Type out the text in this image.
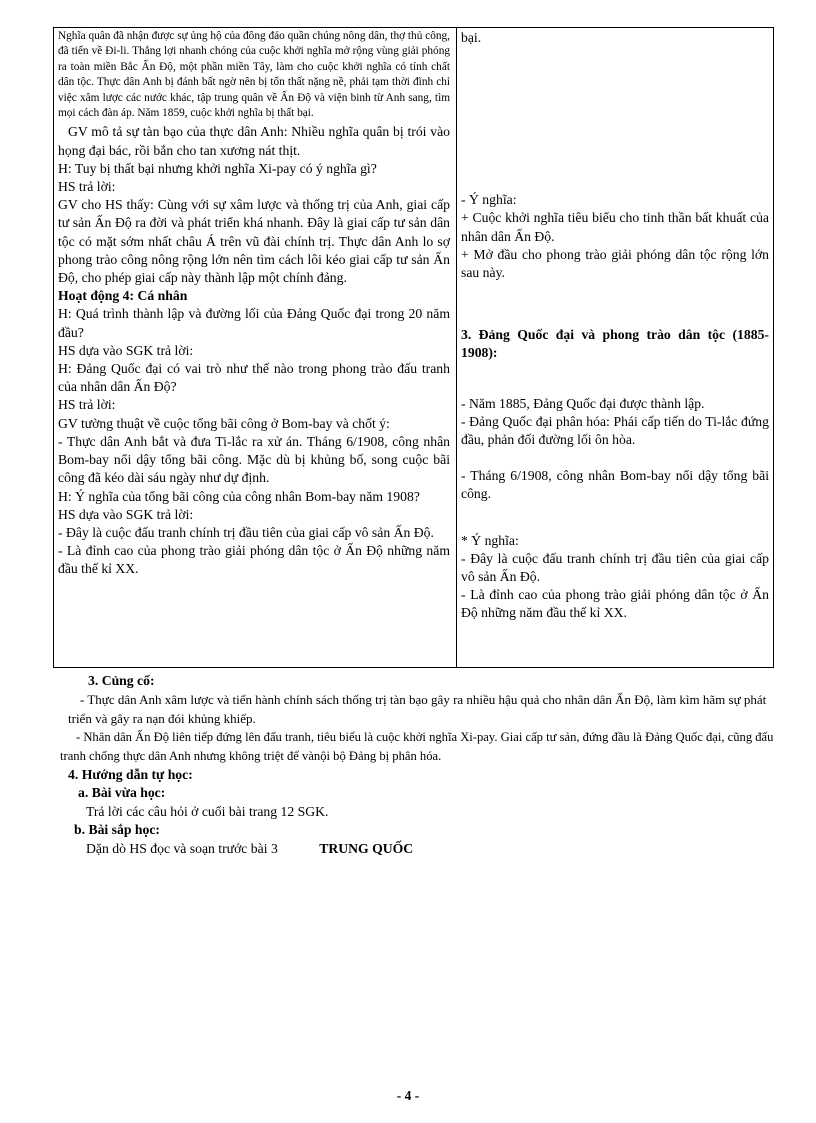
Nghĩa quân đã nhận được sự ủng hộ của đông đảo quần chúng nông dân, thợ thủ công, đã tiến về Đi-li. Thắng lợi nhanh chóng của cuộc khởi nghĩa mở rộng vùng giải phóng ra toàn miền Bắc Ấn Độ, một phần miền Tây, làm cho cuộc khởi nghĩa có tính chất dân tộc. Thực dân Anh bị đánh bất ngờ nên bị tổn thất nặng nề, phải tạm thời đình chỉ việc xâm lược các nước khác, tập trung quân về Ấn Độ và viện binh từ Anh sang, tìm mọi cách đàn áp. Năm 1859, cuộc khởi nghĩa bị thất bại.
GV mô tả sự tàn bạo của thực dân Anh: Nhiều nghĩa quân bị trói vào họng đại bác, rồi bắn cho tan xương nát thịt.
H: Tuy bị thất bại nhưng khởi nghĩa Xi-pay có ý nghĩa gì?
HS trả lời:
GV cho HS thấy: Cùng với sự xâm lược và thống trị của Anh, giai cấp tư sản Ấn Độ ra đời và phát triển khá nhanh. Đây là giai cấp tư sản dân tộc có mặt sớm nhất châu Á trên vũ đài chính trị. Thực dân Anh lo sợ phong trào công nông rộng lớn nên tìm cách lôi kéo giai cấp tư sản Ấn Độ, cho phép giai cấp này thành lập một chính đảng.
Hoạt động 4: Cá nhân
H: Quá trình thành lập và đường lối của Đảng Quốc đại trong 20 năm đầu?
HS dựa vào SGK trả lời:
H: Đảng Quốc đại có vai trò như thế nào trong phong trào đấu tranh của nhân dân Ấn Độ?
HS trả lời:
GV tường thuật về cuộc tổng bãi công ở Bom-bay và chốt ý:
- Thực dân Anh bắt và đưa Ti-lắc ra xử án. Tháng 6/1908, công nhân Bom-bay nổi dậy tổng bãi công. Mặc dù bị khủng bố, song cuộc bãi công đã kéo dài sáu ngày như dự định.
H: Ý nghĩa của tổng bãi công của công nhân Bom-bay năm 1908?
HS dựa vào SGK trả lời:
- Đây là cuộc đấu tranh chính trị đầu tiên của giai cấp vô sản Ấn Độ.
- Là đỉnh cao của phong trào giải phóng dân tộc ở Ấn Độ những năm đầu thế kỉ XX.
bại.
- Ý nghĩa:
+ Cuộc khởi nghĩa tiêu biểu cho tinh thần bất khuất của nhân dân Ấn Độ.
+ Mở đầu cho phong trào giải phóng dân tộc rộng lớn sau này.
3. Đảng Quốc đại và phong trào dân tộc (1885-1908):
- Năm 1885, Đảng Quốc đại được thành lập.
- Đảng Quốc đại phân hóa: Phái cấp tiến do Ti-lắc đứng đầu, phản đối đường lối ôn hòa.
- Tháng 6/1908, công nhân Bom-bay nổi dậy tổng bãi công.
* Ý nghĩa:
- Đây là cuộc đấu tranh chính trị đầu tiên của giai cấp vô sản Ấn Độ.
- Là đỉnh cao của phong trào giải phóng dân tộc ở Ấn Độ những năm đầu thế kỉ XX.

3. Củng cố:

- Thực dân Anh xâm lược và tiến hành chính sách thống trị tàn bạo gây ra nhiều hậu quả cho nhân dân Ấn Độ, làm kìm hãm sự phát triển và gây ra nạn đói khủng khiếp.

- Nhân dân Ấn Độ liên tiếp đứng lên đấu tranh, tiêu biểu là cuộc khởi nghĩa Xi-pay. Giai cấp tư sản, đứng đầu là Đảng Quốc đại, cũng đấu tranh chống thực dân Anh nhưng không triệt để vànội bộ Đảng bị phân hóa.

4. Hướng dẫn tự học:

a. Bài vừa học:

Trả lời các câu hỏi ở cuối bài trang 12 SGK.

b. Bài sắp học:

Dặn dò HS đọc và soạn trước bài 3	TRUNG QUỐC

- 4 -
